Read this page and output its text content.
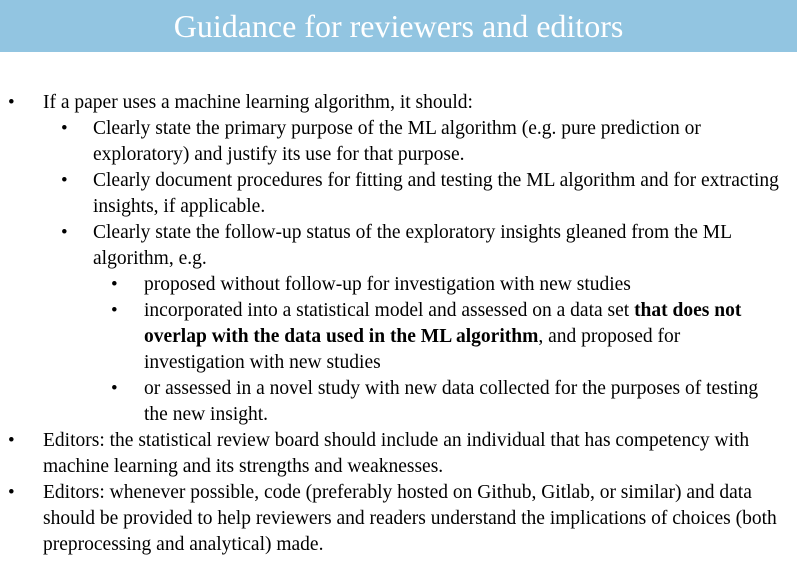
Guidance for reviewers and editors
• If a paper uses a machine learning algorithm, it should:
• Clearly state the primary purpose of the ML algorithm (e.g. pure prediction or exploratory) and justify its use for that purpose.
• Clearly document procedures for fitting and testing the ML algorithm and for extracting insights, if applicable.
• Clearly state the follow-up status of the exploratory insights gleaned from the ML algorithm, e.g.
• proposed without follow-up for investigation with new studies
• incorporated into a statistical model and assessed on a data set that does not overlap with the data used in the ML algorithm, and proposed for investigation with new studies
• or assessed in a novel study with new data collected for the purposes of testing the new insight.
• Editors: the statistical review board should include an individual that has competency with machine learning and its strengths and weaknesses.
• Editors: whenever possible, code (preferably hosted on Github, Gitlab, or similar) and data should be provided to help reviewers and readers understand the implications of choices (both preprocessing and analytical) made.
